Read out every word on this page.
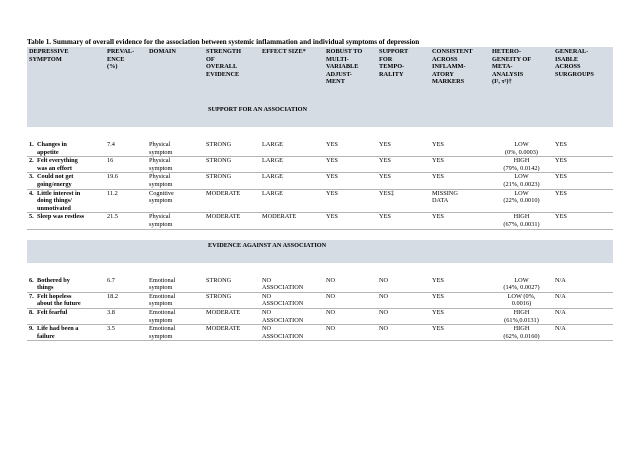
Table 1. Summary of overall evidence for the association between systemic inflammation and individual symptoms of depression
DEPRESSIVE
SYMPTOM	PREVAL-
ENCE
(%)	DOMAIN	STRENGTH
OF
OVERALL
EVIDENCE	EFFECT SIZE*	ROBUST TO
MULTI-
VARIABLE
ADJUST-
MENT	SUPPORT
FOR
TEMPO-
RALITY	CONSISTENT
ACROSS
INFLAMM-
ATORY
MARKERS	HETERO-
GENEITY OF
META-
ANALYSIS
(I², τ²)†	GENERAL-
ISABLE
ACROSS
SURGROUPS
SUPPORT FOR AN ASSOCIATION									

1. Changes in
appetite	7.4	Physical
symptom	STRONG	LARGE	YES	YES	YES	LOW
(0%, 0.0003)	YES
2. Felt everything
was an effort	16	Physical
symptom	STRONG	LARGE	YES	YES	YES	HIGH
(79%, 0.0142)	YES
3. Could not get
going/energy	19.6	Physical
symptom	STRONG	LARGE	YES	YES	YES	LOW
(21%, 0.0023)	YES
4. Little interest in
doing things/
unmotivated	11.2	Cognitive
symptom	MODERATE	LARGE	YES	YES‡	MISSING
DATA	LOW
(22%, 0.0010)	YES
5. Sleep was restless	21.5	Physical
symptom	MODERATE	MODERATE	YES	YES	YES	HIGH
(67%, 0.0031)	YES

EVIDENCE AGAINST AN ASSOCIATION									

6. Bothered by
things	6.7	Emotional
symptom	STRONG	NO
ASSOCIATION	NO	NO	YES	LOW
(14%, 0.0027)	N/A
7. Felt hopeless
about the future	18.2	Emotional
symptom	STRONG	NO
ASSOCIATION	NO	NO	YES	LOW (0%,
0.0016)	N/A
8. Felt fearful	3.8	Emotional
symptom	MODERATE	NO
ASSOCIATION	NO	NO	YES	HIGH
(61%,0.0131)	N/A
9. Life had been a
failure	3.5	Emotional
symptom	MODERATE	NO
ASSOCIATION	NO	NO	YES	HIGH
(62%, 0.0160)	N/A
